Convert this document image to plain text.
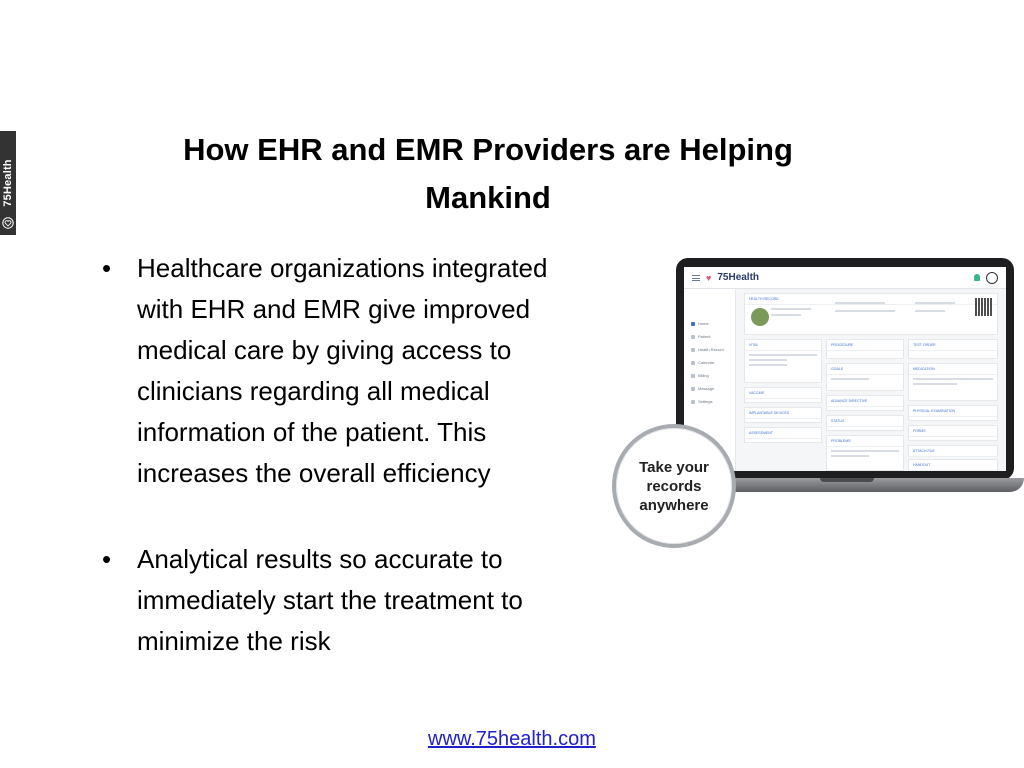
75Health
How EHR and EMR Providers are Helping Mankind
• Healthcare organizations integrated with EHR and EMR give improved medical care by giving access to clinicians regarding all medical information of the patient. This increases the overall efficiency
• Analytical results so accurate to immediately start the treatment to minimize the risk
♥ 75Health
Home
Patient
Health Record
Calendar
Billing
Message
Settings
HEALTH RECORD
VITAL
VACCINE
IMPLANTABLE DEVICES
ASSESSMENT
PROCEDURE
GOALS
ADVANCE DIRECTIVE
STATUS
PROBLEMS
TEST ORDER
MEDICATION
PHYSICAL EXAMINATION
FORMS
ATTACH FILE
HANDOUT
Take your records anywhere
www.75health.com
